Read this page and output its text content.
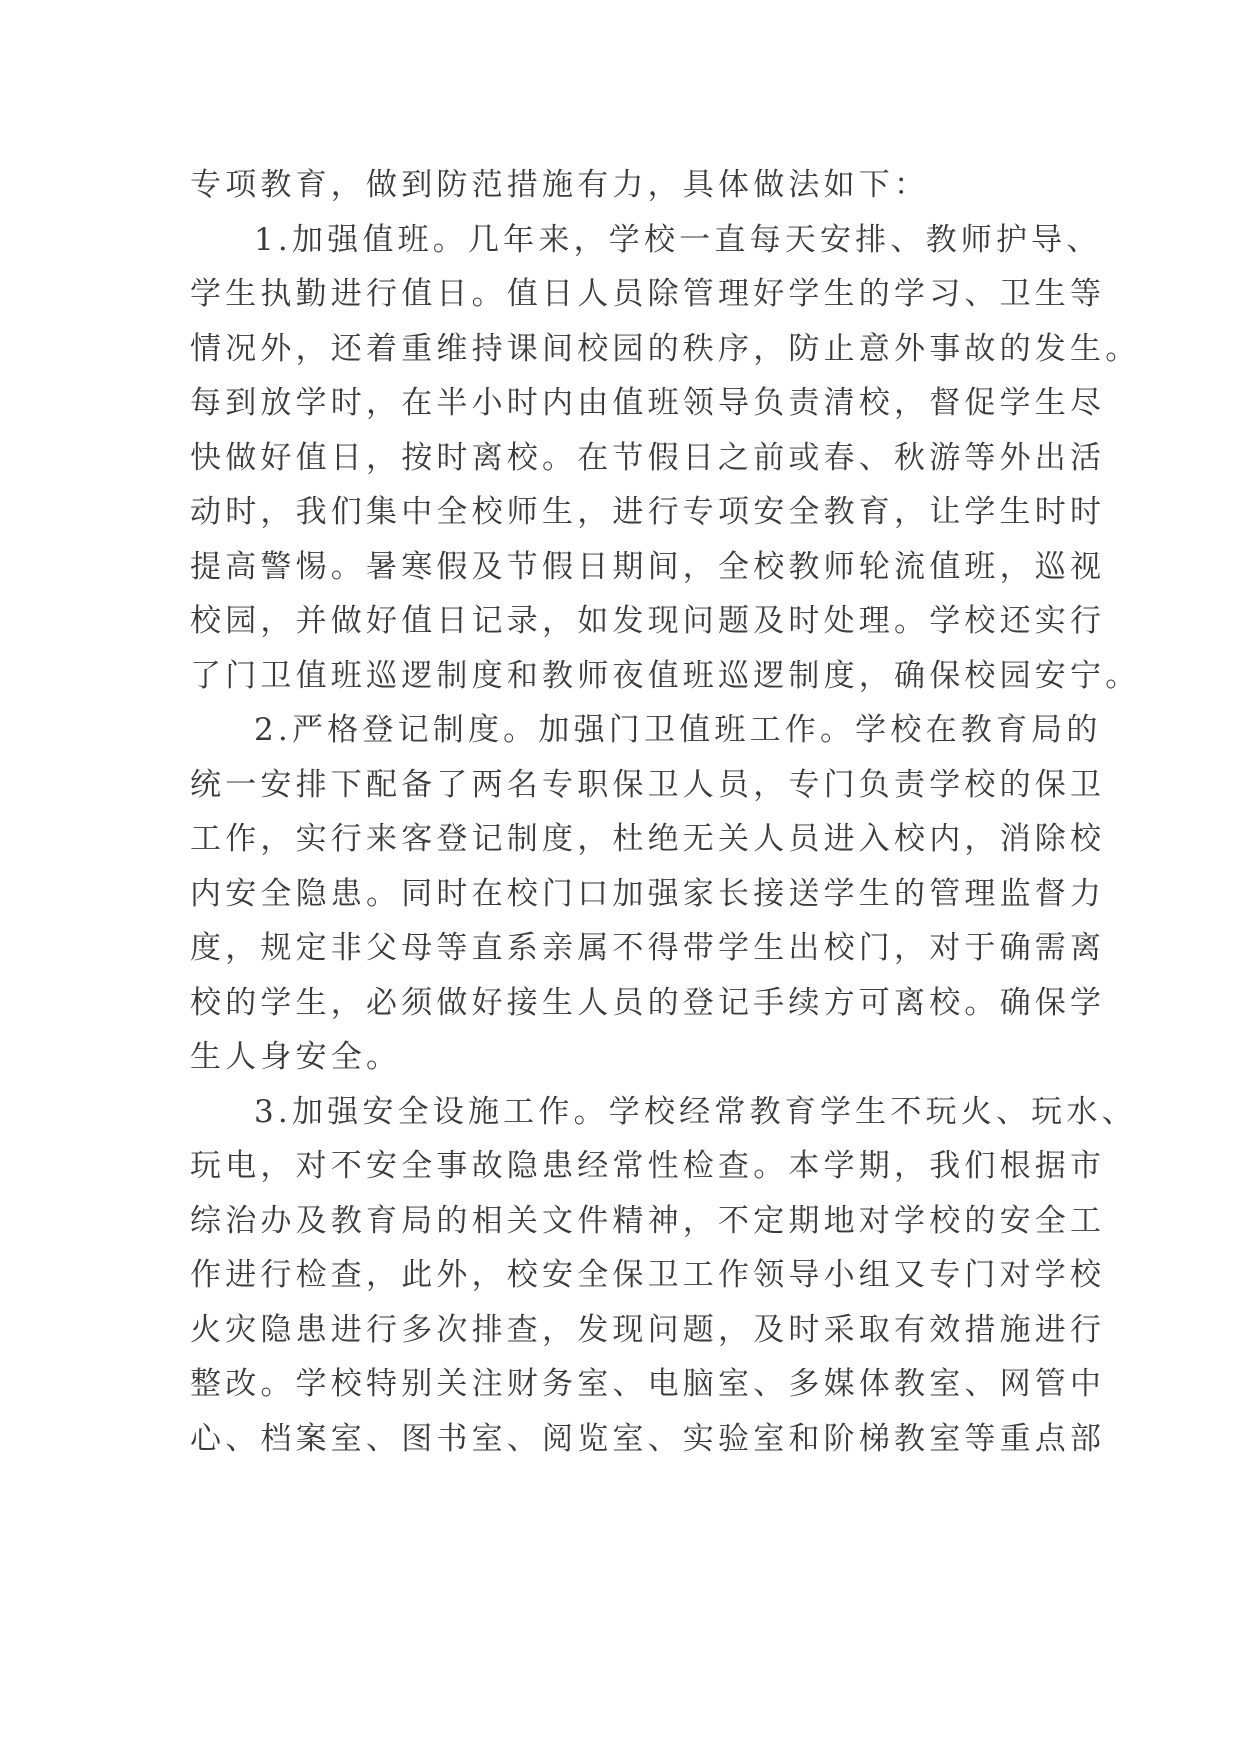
专项教育，做到防范措施有力，具体做法如下：
1.加强值班。几年来，学校一直每天安排、教师护导、
学生执勤进行值日。值日人员除管理好学生的学习、卫生等
情况外，还着重维持课间校园的秩序，防止意外事故的发生。
每到放学时，在半小时内由值班领导负责清校，督促学生尽
快做好值日，按时离校。在节假日之前或春、秋游等外出活
动时，我们集中全校师生，进行专项安全教育，让学生时时
提高警惕。暑寒假及节假日期间，全校教师轮流值班，巡视
校园，并做好值日记录，如发现问题及时处理。学校还实行
了门卫值班巡逻制度和教师夜值班巡逻制度，确保校园安宁。
2.严格登记制度。加强门卫值班工作。学校在教育局的
统一安排下配备了两名专职保卫人员，专门负责学校的保卫
工作，实行来客登记制度，杜绝无关人员进入校内，消除校
内安全隐患。同时在校门口加强家长接送学生的管理监督力
度，规定非父母等直系亲属不得带学生出校门，对于确需离
校的学生，必须做好接生人员的登记手续方可离校。确保学
生人身安全。
3.加强安全设施工作。学校经常教育学生不玩火、玩水、
玩电，对不安全事故隐患经常性检查。本学期，我们根据市
综治办及教育局的相关文件精神，不定期地对学校的安全工
作进行检查，此外，校安全保卫工作领导小组又专门对学校
火灾隐患进行多次排查，发现问题，及时采取有效措施进行
整改。学校特别关注财务室、电脑室、多媒体教室、网管中
心、档案室、图书室、阅览室、实验室和阶梯教室等重点部
